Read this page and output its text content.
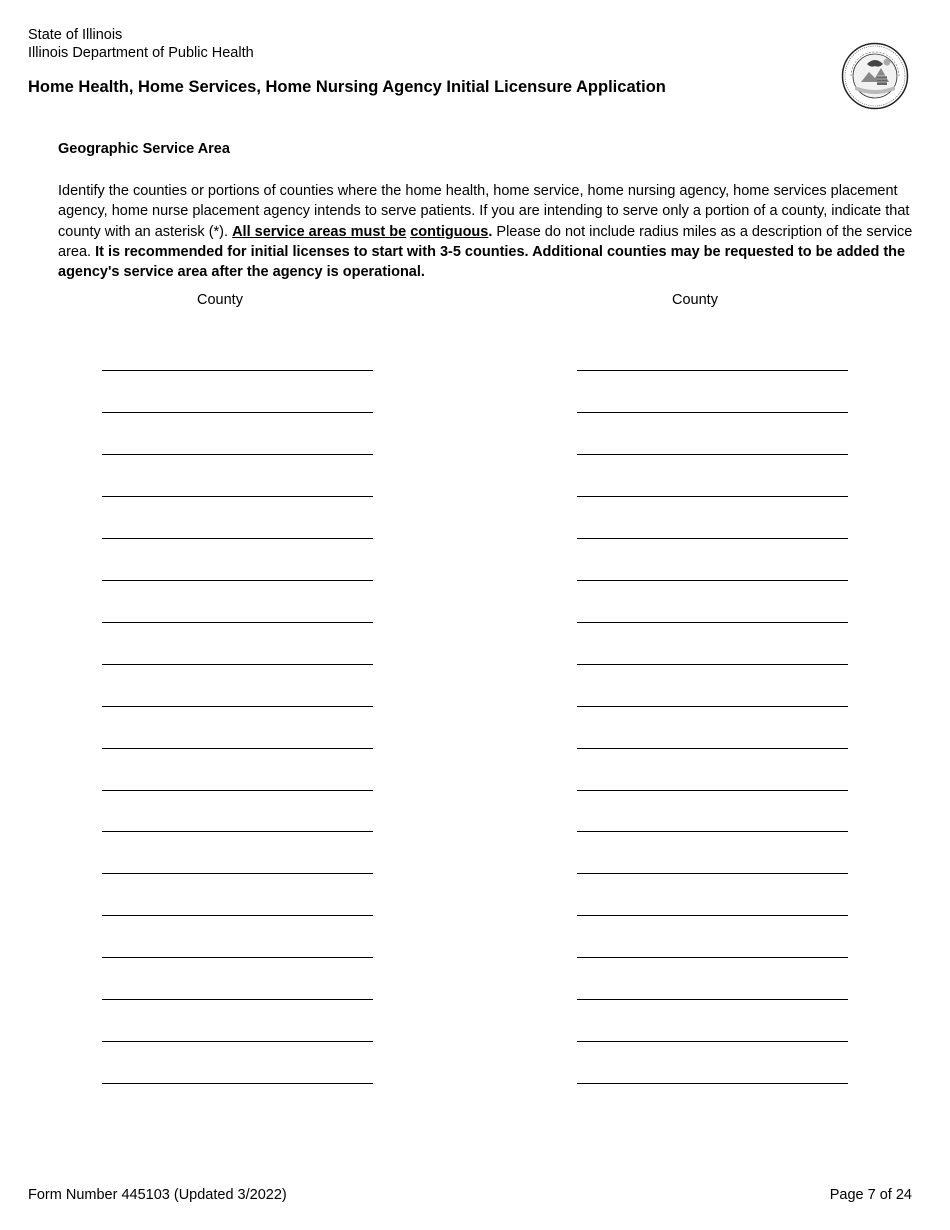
State of Illinois
Illinois Department of Public Health
Home Health, Home Services, Home Nursing Agency Initial Licensure Application
Geographic Service Area

Identify the counties or portions of counties where the home health, home service, home nursing agency, home services placement agency, home nurse placement agency intends to serve patients. If you are intending to serve only a portion of a county, indicate that county with an asterisk (*). All service areas must be contiguous. Please do not include radius miles as a description of the service area. It is recommended for initial licenses to start with 3-5 counties. Additional counties may be requested to be added the agency's service area after the agency is operational.

County	County
Form Number 445103 (Updated 3/2022)	Page 7 of 24
